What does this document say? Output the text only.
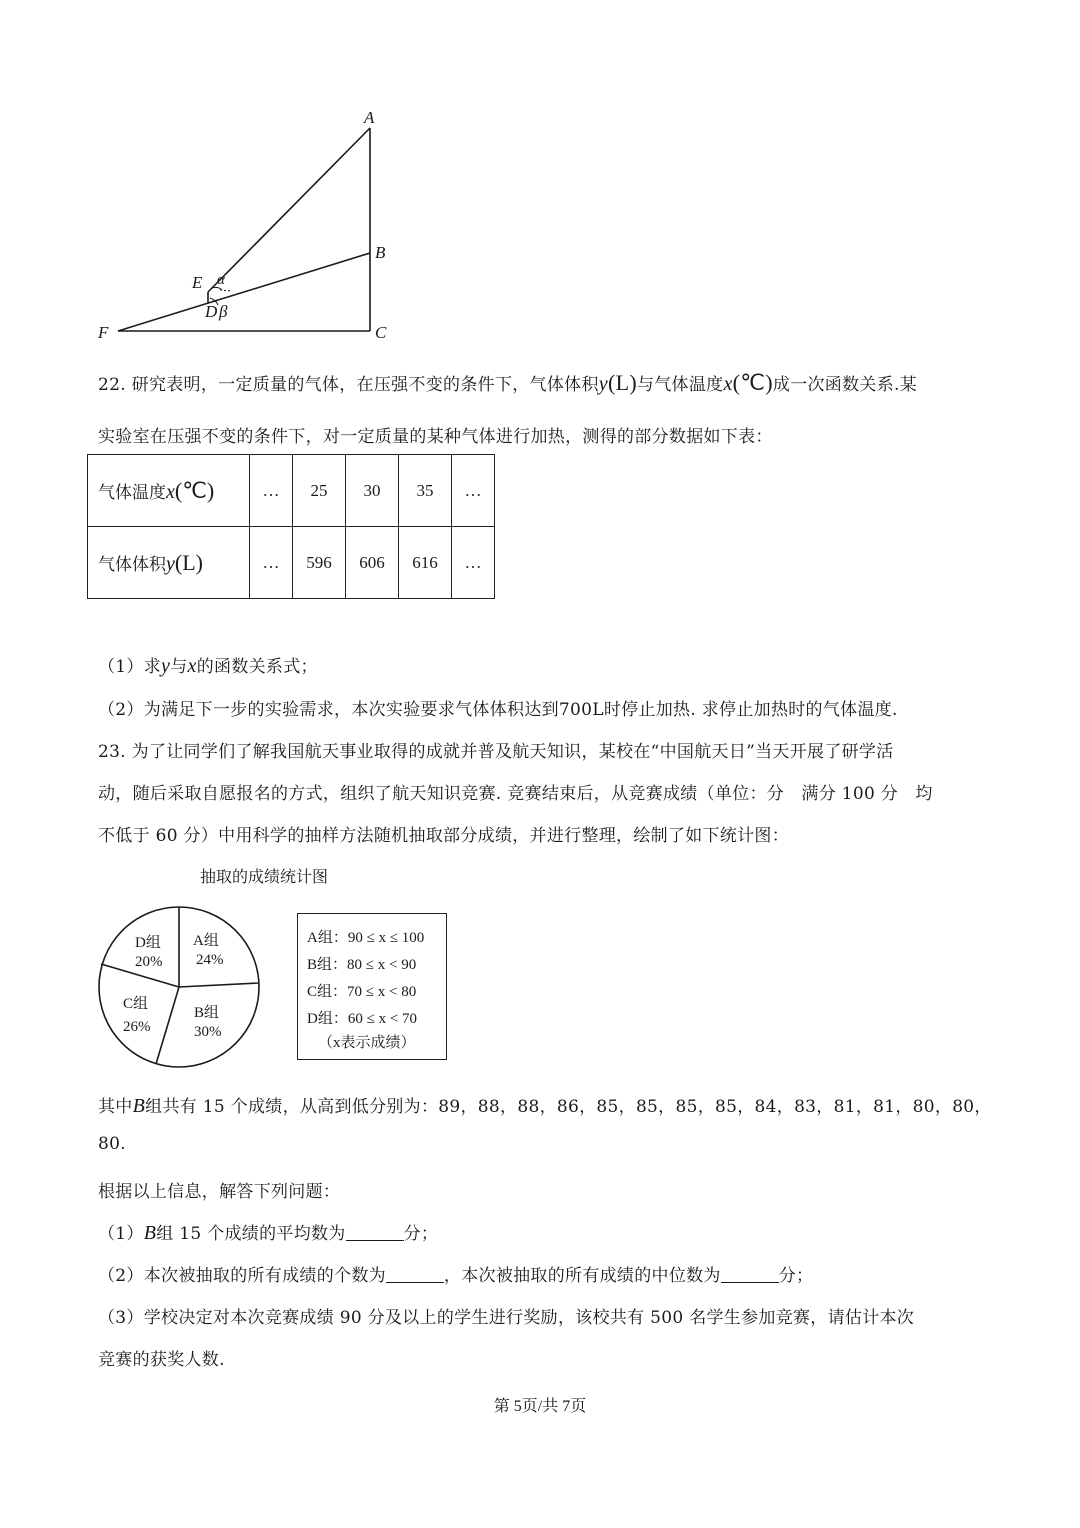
A
B
C
E
D
F
α
β
22. 研究表明，一定质量的气体，在压强不变的条件下，气体体积y(L)与气体温度x(℃)成一次函数关系.某
实验室在压强不变的条件下，对一定质量的某种气体进行加热，测得的部分数据如下表：
气体温度x(℃)	…	25	30	35	…
气体体积y(L)	…	596	606	616	…
（1）求y与x的函数关系式；
（2）为满足下一步的实验需求，本次实验要求气体体积达到700L时停止加热. 求停止加热时的气体温度.
23. 为了让同学们了解我国航天事业取得的成就并普及航天知识，某校在“中国航天日”当天开展了研学活
动，随后采取自愿报名的方式，组织了航天知识竞赛. 竞赛结束后，从竞赛成绩（单位：分　满分 100 分　均
不低于 60 分）中用科学的抽样方法随机抽取部分成绩，并进行整理，绘制了如下统计图：
抽取的成绩统计图
D组
20%
A组
24%
C组
26%
B组
30%
A组：90 ≤ x ≤ 100
B组：80 ≤ x < 90
C组：70 ≤ x < 80
D组：60 ≤ x < 70
（x表示成绩）
其中B组共有 15 个成绩，从高到低分别为：89，88，88，86，85，85，85，85，84，83，81，81，80，80，
80.
根据以上信息，解答下列问题：
（1）B组 15 个成绩的平均数为	分；
（2）本次被抽取的所有成绩的个数为	，本次被抽取的所有成绩的中位数为	分；
（3）学校决定对本次竞赛成绩 90 分及以上的学生进行奖励，该校共有 500 名学生参加竞赛，请估计本次
竞赛的获奖人数.
第 5页/共 7页
